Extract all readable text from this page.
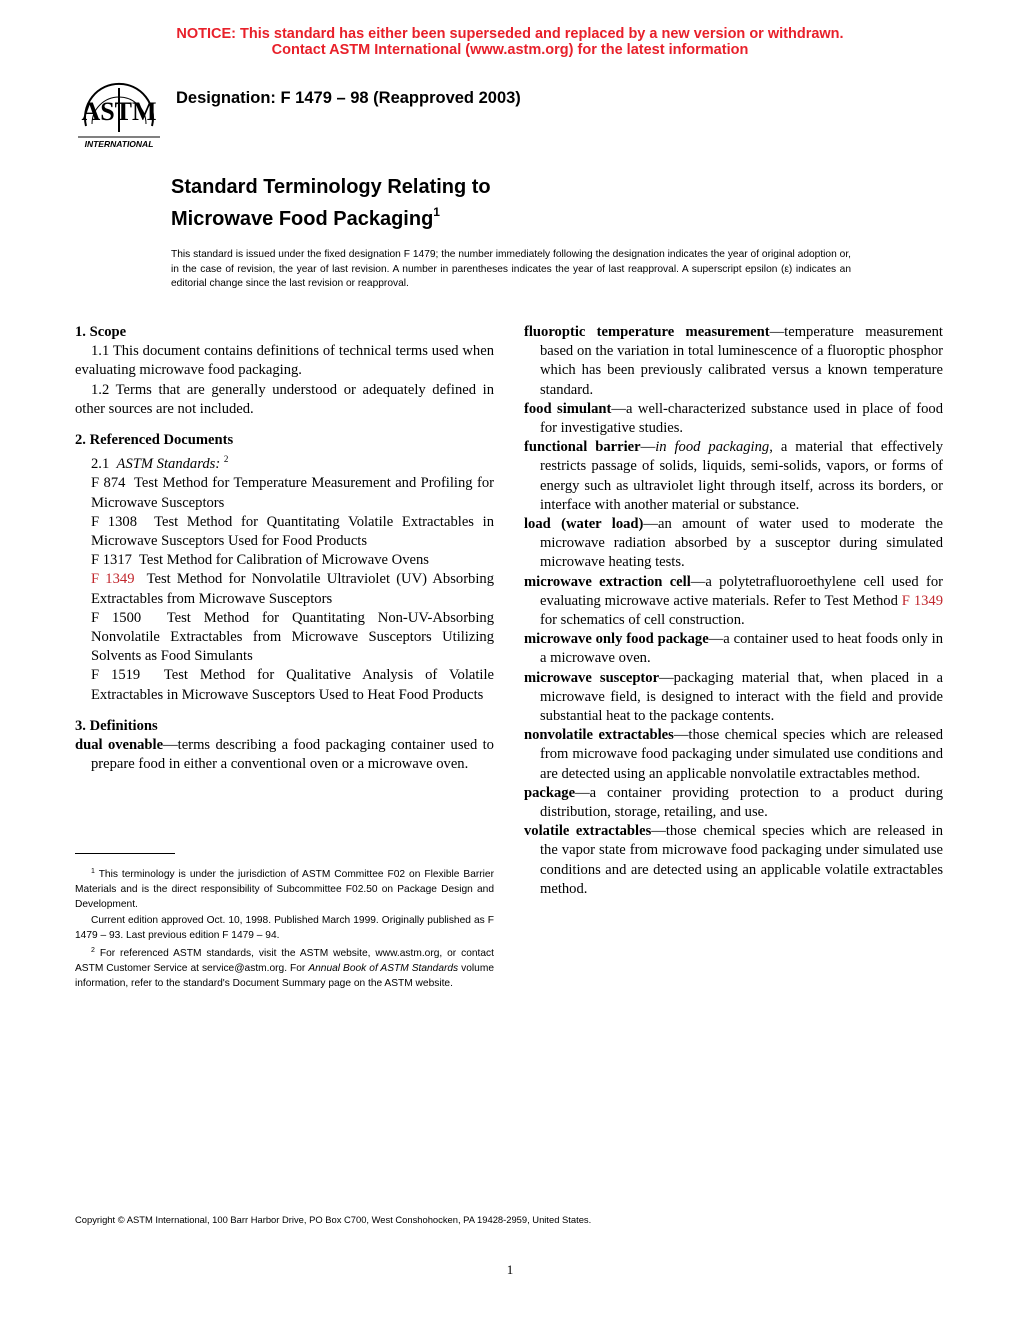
NOTICE: This standard has either been superseded and replaced by a new version or withdrawn.
Contact ASTM International (www.astm.org) for the latest information
ASTM
INTERNATIONAL
Designation: F 1479 – 98 (Reapproved 2003)
Standard Terminology Relating to
Microwave Food Packaging$^1$
This standard is issued under the fixed designation F 1479; the number immediately following the designation indicates the year of original adoption or, in the case of revision, the year of last revision. A number in parentheses indicates the year of last reapproval. A superscript epsilon (ε) indicates an editorial change since the last revision or reapproval.

1. Scope

1.1 This document contains definitions of technical terms used when evaluating microwave food packaging.

1.2 Terms that are generally understood or adequately defined in other sources are not included.

2. Referenced Documents

2.1 ASTM Standards: $^2$

F 874 Test Method for Temperature Measurement and Profiling for Microwave Susceptors

F 1308 Test Method for Quantitating Volatile Extractables in Microwave Susceptors Used for Food Products

F 1317 Test Method for Calibration of Microwave Ovens

F 1349 Test Method for Nonvolatile Ultraviolet (UV) Absorbing Extractables from Microwave Susceptors

F 1500 Test Method for Quantitating Non-UV-Absorbing Nonvolatile Extractables from Microwave Susceptors Utilizing Solvents as Food Simulants

F 1519 Test Method for Qualitative Analysis of Volatile Extractables in Microwave Susceptors Used to Heat Food Products

3. Definitions

dual ovenable—terms describing a food packaging container used to prepare food in either a conventional oven or a microwave oven.

fluoroptic temperature measurement—temperature measurement based on the variation in total luminescence of a fluoroptic phosphor which has been previously calibrated versus a known temperature standard.

food simulant—a well-characterized substance used in place of food for investigative studies.

functional barrier—in food packaging, a material that effectively restricts passage of solids, liquids, semi-solids, vapors, or forms of energy such as ultraviolet light through itself, across its borders, or interface with another material or substance.

load (water load)—an amount of water used to moderate the microwave radiation absorbed by a susceptor during simulated microwave heating tests.

microwave extraction cell—a polytetrafluoroethylene cell used for evaluating microwave active materials. Refer to Test Method F 1349 for schematics of cell construction.

microwave only food package—a container used to heat foods only in a microwave oven.

microwave susceptor—packaging material that, when placed in a microwave field, is designed to interact with the field and provide substantial heat to the package contents.

nonvolatile extractables—those chemical species which are released from microwave food packaging under simulated use conditions and are detected using an applicable nonvolatile extractables method.

package—a container providing protection to a product during distribution, storage, retailing, and use.

volatile extractables—those chemical species which are released in the vapor state from microwave food packaging under simulated use conditions and are detected using an applicable volatile extractables method.

$^1$ This terminology is under the jurisdiction of ASTM Committee F02 on Flexible Barrier Materials and is the direct responsibility of Subcommittee F02.50 on Package Design and Development.

Current edition approved Oct. 10, 1998. Published March 1999. Originally published as F 1479 – 93. Last previous edition F 1479 – 94.

$^2$ For referenced ASTM standards, visit the ASTM website, www.astm.org, or contact ASTM Customer Service at service@astm.org. For Annual Book of ASTM Standards volume information, refer to the standard's Document Summary page on the ASTM website.

Copyright © ASTM International, 100 Barr Harbor Drive, PO Box C700, West Conshohocken, PA 19428-2959, United States.
1
